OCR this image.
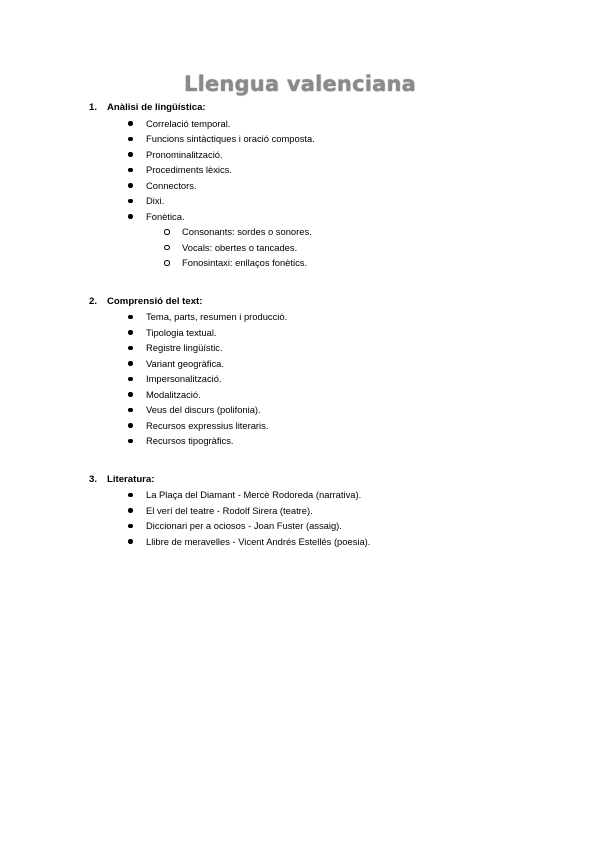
Llengua valenciana
1. Anàlisi de lingüística:
Correlació temporal.
Funcions sintàctiques i oració composta.
Pronominalització.
Procediments lèxics.
Connectors.
Dixi.
Fonètica.
Consonants: sordes o sonores.
Vocals: obertes o tancades.
Fonosintaxi: enllaços fonètics.
2. Comprensió del text:
Tema, parts, resumen i producció.
Tipologia textual.
Registre lingüístic.
Variant geogràfica.
Impersonalització.
Modalització.
Veus del discurs (polifonia).
Recursos expressius literaris.
Recursos tipogràfics.
3. Literatura:
La Plaça del Diamant - Mercè Rodoreda (narrativa).
El verí del teatre - Rodolf Sirera (teatre).
Diccionari per a ociosos - Joan Fuster (assaig).
Llibre de meravelles - Vicent Andrés Estellés (poesia).
